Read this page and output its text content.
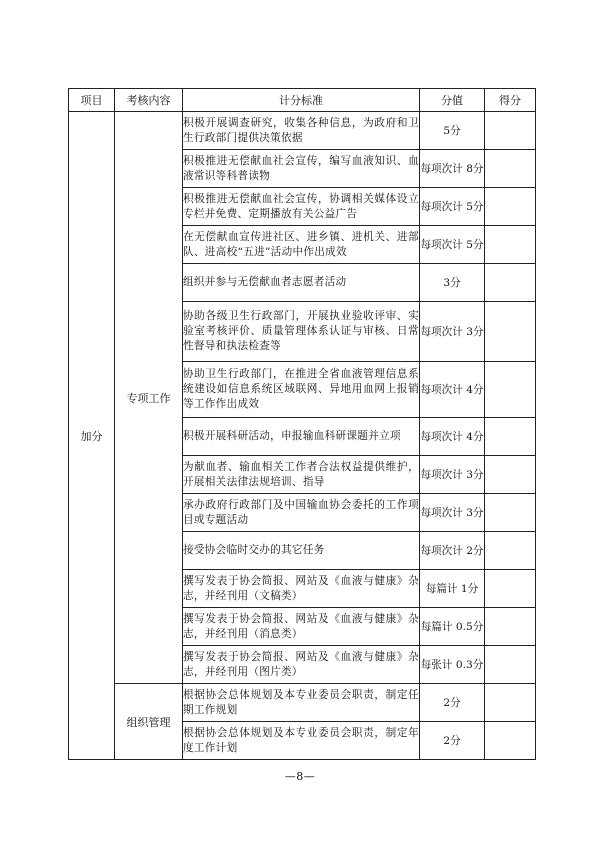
项目	考核内容	计分标准	分值	得分
加分	专项工作	积极开展调查研究，收集各种信息，为政府和卫生行政部门提供决策依据	5分	
		积极推进无偿献血社会宣传，编写血液知识、血液常识等科普读物	每项次计 8分	
		积极推进无偿献血社会宣传，协调相关媒体设立专栏并免费、定期播放有关公益广告	每项次计 5分	
		在无偿献血宣传进社区、进乡镇、进机关、进部队、进高校“五进”活动中作出成效	每项次计 5分	
		组织并参与无偿献血者志愿者活动	3分	
		协助各级卫生行政部门，开展执业验收评审、实验室考核评价、质量管理体系认证与审核、日常性督导和执法检查等	每项次计 3分	
		协助卫生行政部门，在推进全省血液管理信息系统建设如信息系统区域联网、异地用血网上报销等工作作出成效	每项次计 4分	
		积极开展科研活动，申报输血科研课题并立项	每项次计 4分	
		为献血者、输血相关工作者合法权益提供维护，开展相关法律法规培训、指导	每项次计 3分	
		承办政府行政部门及中国输血协会委托的工作项目或专题活动	每项次计 3分	
		接受协会临时交办的其它任务	每项次计 2分	
		撰写发表于协会简报、网站及《血液与健康》杂志，并经刊用（文稿类）	每篇计 1分	
		撰写发表于协会简报、网站及《血液与健康》杂志，并经刊用（消息类）	每篇计 0.5分	
		撰写发表于协会简报、网站及《血液与健康》杂志，并经刊用（图片类）	每张计 0.3分	
	组织管理	根据协会总体规划及本专业委员会职责，制定任期工作规划	2分	
		根据协会总体规划及本专业委员会职责，制定年度工作计划	2分	
—8—
